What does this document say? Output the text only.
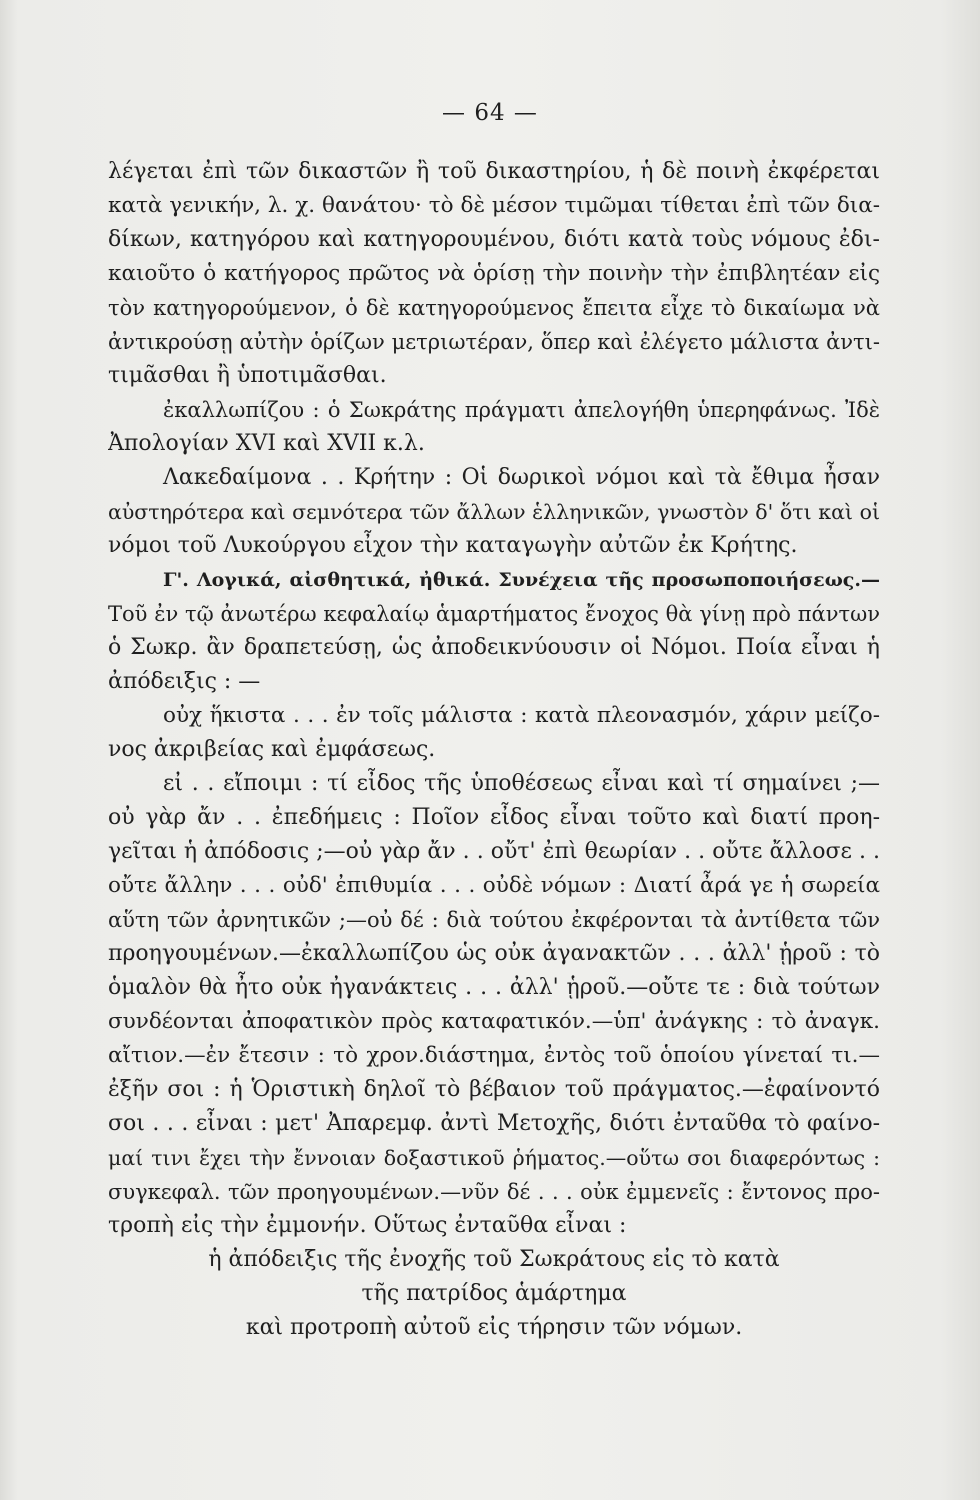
— 64 —
λέγεται ἐπὶ τῶν δικαστῶν ἢ τοῦ δικαστηρίου, ἡ δὲ ποινὴ ἐκφέρεται
κατὰ γενικήν, λ. χ. θανάτου· τὸ δὲ μέσον τιμῶμαι τίθεται ἐπὶ τῶν δια-
δίκων, κατηγόρου καὶ κατηγορουμένου, διότι κατὰ τοὺς νόμους ἐδι-
καιοῦτο ὁ κατήγορος πρῶτος νὰ ὁρίσῃ τὴν ποινὴν τὴν ἐπιβλητέαν εἰς
τὸν κατηγορούμενον, ὁ δὲ κατηγορούμενος ἔπειτα εἶχε τὸ δικαίωμα νὰ
ἀντικρούσῃ αὐτὴν ὁρίζων μετριωτέραν, ὅπερ καὶ ἐλέγετο μάλιστα ἀντι-
τιμᾶσθαι ἢ ὑποτιμᾶσθαι.
ἐκαλλωπίζου : ὁ Σωκράτης πράγματι ἀπελογήθη ὑπερηφάνως. Ἰδὲ
Ἀπολογίαν XVI καὶ XVII κ.λ.
Λακεδαίμονα . . Κρήτην : Οἱ δωρικοὶ νόμοι καὶ τὰ ἔθιμα ἦσαν
αὐστηρότερα καὶ σεμνότερα τῶν ἄλλων ἑλληνικῶν, γνωστὸν δ' ὅτι καὶ οἱ
νόμοι τοῦ Λυκούργου εἶχον τὴν καταγωγὴν αὐτῶν ἐκ Κρήτης.
Γ'. Λογικά, αἰσθητικά, ἠθικά. Συνέχεια τῆς προσωποποιήσεως.—
Τοῦ ἐν τῷ ἀνωτέρω κεφαλαίῳ ἁμαρτήματος ἔνοχος θὰ γίνῃ πρὸ πάντων
ὁ Σωκρ. ἂν δραπετεύσῃ, ὡς ἀποδεικνύουσιν οἱ Νόμοι. Ποία εἶναι ἡ
ἀπόδειξις : —
οὐχ ἥκιστα . . . ἐν τοῖς μάλιστα : κατὰ πλεονασμόν, χάριν μείζο-
νος ἀκριβείας καὶ ἐμφάσεως.
εἰ . . εἴποιμι : τί εἶδος τῆς ὑποθέσεως εἶναι καὶ τί σημαίνει ;—
οὐ γὰρ ἄν . . ἐπεδήμεις : Ποῖον εἶδος εἶναι τοῦτο καὶ διατί προη-
γεῖται ἡ ἀπόδοσις ;—οὐ γὰρ ἄν . . οὔτ' ἐπὶ θεωρίαν . . οὔτε ἄλλοσε . .
οὔτε ἄλλην . . . οὐδ' ἐπιθυμία . . . οὐδὲ νόμων : Διατί ἆρά γε ἡ σωρεία
αὕτη τῶν ἀρνητικῶν ;—οὐ δέ : διὰ τούτου ἐκφέρονται τὰ ἀντίθετα τῶν
προηγουμένων.—ἐκαλλωπίζου ὡς οὐκ ἀγανακτῶν . . . ἀλλ' ᾑροῦ : τὸ
ὁμαλὸν θὰ ἦτο οὐκ ἠγανάκτεις . . . ἀλλ' ᾑροῦ.—οὔτε τε : διὰ τούτων
συνδέονται ἀποφατικὸν πρὸς καταφατικόν.—ὑπ' ἀνάγκης : τὸ ἀναγκ.
αἴτιον.—ἐν ἔτεσιν : τὸ χρον.διάστημα, ἐντὸς τοῦ ὁποίου γίνεταί τι.—
ἐξῆν σοι : ἡ Ὁριστικὴ δηλοῖ τὸ βέβαιον τοῦ πράγματος.—ἐφαίνοντό
σοι . . . εἶναι : μετ' Ἀπαρεμφ. ἀντὶ Μετοχῆς, διότι ἐνταῦθα τὸ φαίνο-
μαί τινι ἔχει τὴν ἔννοιαν δοξαστικοῦ ῥήματος.—οὕτω σοι διαφερόντως :
συγκεφαλ. τῶν προηγουμένων.—νῦν δέ . . . οὐκ ἐμμενεῖς : ἔντονος προ-
τροπὴ εἰς τὴν ἐμμονήν. Οὕτως ἐνταῦθα εἶναι :
ἡ ἀπόδειξις τῆς ἐνοχῆς τοῦ Σωκράτους εἰς τὸ κατὰ
τῆς πατρίδος ἁμάρτημα
καὶ προτροπὴ αὐτοῦ εἰς τήρησιν τῶν νόμων.
